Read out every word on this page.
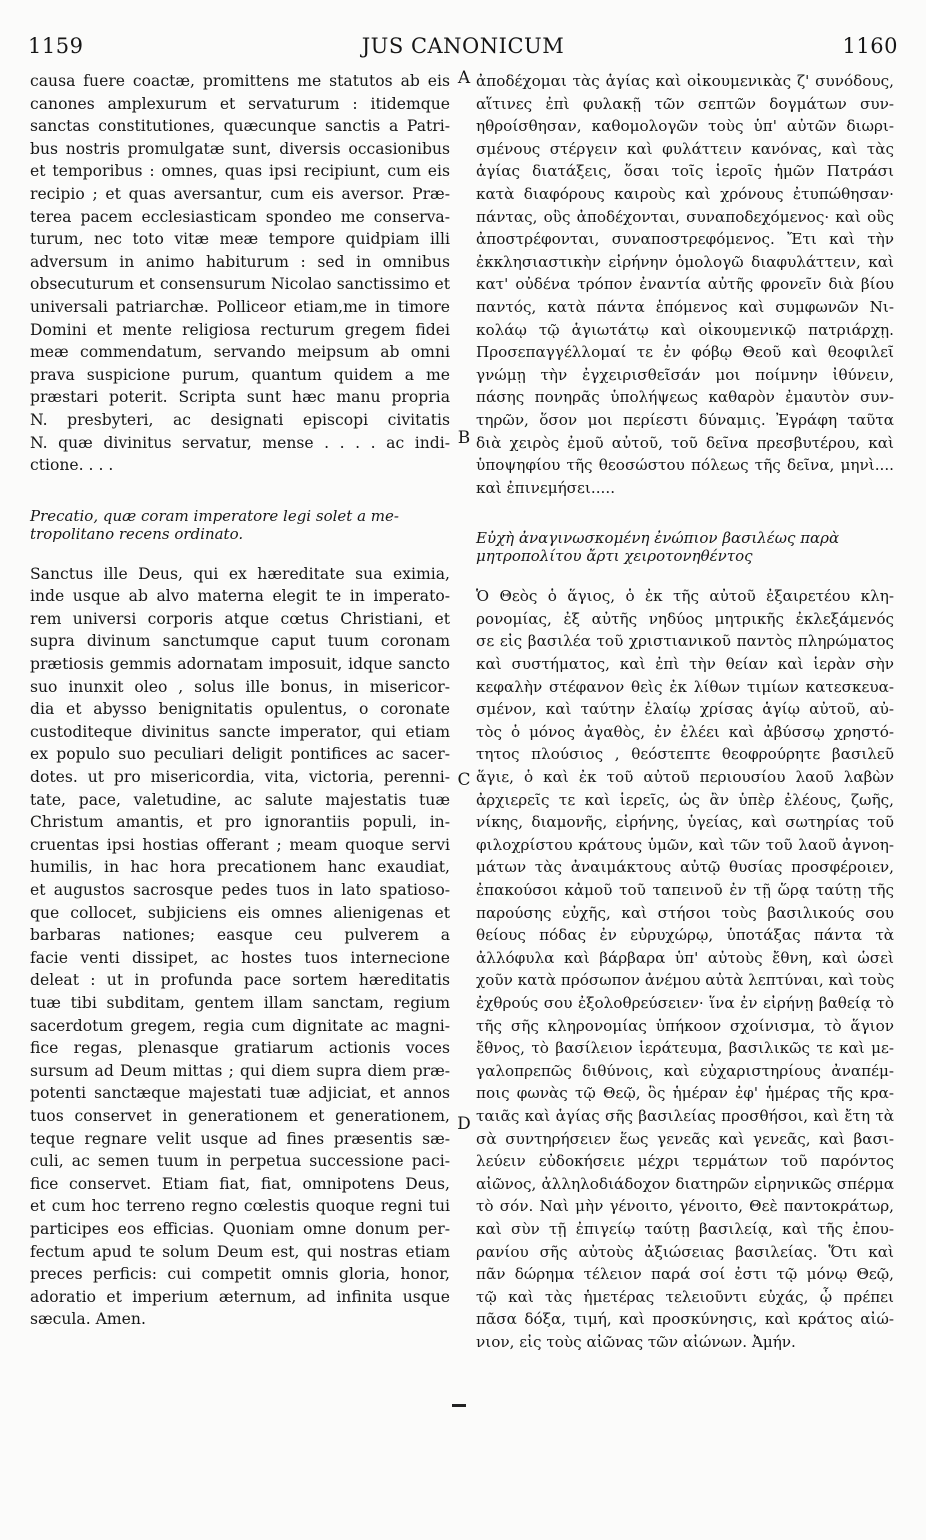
1159	JUS CANONICUM	1160
A
B
C
D
causa fuere coactæ, promittens me statutos ab eis
canones amplexurum et servaturum : itidemque
sanctas constitutiones, quæcunque sanctis a Patri-
bus nostris promulgatæ sunt, diversis occasionibus
et temporibus : omnes, quas ipsi recipiunt, cum eis
recipio ; et quas aversantur, cum eis aversor. Præ-
terea pacem ecclesiasticam spondeo me conserva-
turum, nec toto vitæ meæ tempore quidpiam illi
adversum in animo habiturum : sed in omnibus
obsecuturum et consensurum Nicolao sanctissimo et
universali patriarchæ. Polliceor etiam,me in timore
Domini et mente religiosa recturum gregem fidei
meæ commendatum, servando meipsum ab omni
prava suspicione purum, quantum quidem a me
præstari poterit. Scripta sunt hæc manu propria
N. presbyteri, ac designati episcopi civitatis
N. quæ divinitus servatur, mense . . . . ac indi-
ctione. . . .
Precatio, quæ coram imperatore legi solet a me-
tropolitano recens ordinato.
Sanctus ille Deus, qui ex hæreditate sua eximia,
inde usque ab alvo materna elegit te in imperato-
rem universi corporis atque cœtus Christiani, et
supra divinum sanctumque caput tuum coronam
prætiosis gemmis adornatam imposuit, idque sancto
suo inunxit oleo , solus ille bonus, in misericor-
dia et abysso benignitatis opulentus, o coronate
custoditeque divinitus sancte imperator, qui etiam
ex populo suo peculiari deligit pontifices ac sacer-
dotes. ut pro misericordia, vita, victoria, perenni-
tate, pace, valetudine, ac salute majestatis tuæ
Christum amantis, et pro ignorantiis populi, in-
cruentas ipsi hostias offerant ; meam quoque servi
humilis, in hac hora precationem hanc exaudiat,
et augustos sacrosque pedes tuos in lato spatioso-
que collocet, subjiciens eis omnes alienigenas et
barbaras nationes; easque ceu pulverem a
facie venti dissipet, ac hostes tuos internecione
deleat : ut in profunda pace sortem hæreditatis
tuæ tibi subditam, gentem illam sanctam, regium
sacerdotum gregem, regia cum dignitate ac magni-
fice regas, plenasque gratiarum actionis voces
sursum ad Deum mittas ; qui diem supra diem præ-
potenti sanctæque majestati tuæ adjiciat, et annos
tuos conservet in generationem et generationem,
teque regnare velit usque ad fines præsentis sæ-
culi, ac semen tuum in perpetua successione paci-
fice conservet. Etiam fiat, fiat, omnipotens Deus,
et cum hoc terreno regno cœlestis quoque regni tui
participes eos efficias. Quoniam omne donum per-
fectum apud te solum Deum est, qui nostras etiam
preces perficis: cui competit omnis gloria, honor,
adoratio et imperium æternum, ad infinita usque
sæcula. Amen.
ἀποδέχομαι τὰς ἁγίας καὶ οἰκουμενικὰς ζ' συνόδους,
αἵτινες ἐπὶ φυλακῇ τῶν σεπτῶν δογμάτων συν-
ηθροίσθησαν, καθομολογῶν τοὺς ὑπ' αὐτῶν διωρι-
σμένους στέργειν καὶ φυλάττειν κανόνας, καὶ τὰς
ἁγίας διατάξεις, ὅσαι τοῖς ἱεροῖς ἡμῶν Πατράσι
κατὰ διαφόρους καιροὺς καὶ χρόνους ἐτυπώθησαν·
πάντας, οὓς ἀποδέχονται, συναποδεχόμενος· καὶ οὓς
ἀποστρέφονται, συναποστρεφόμενος. Ἔτι καὶ τὴν
ἐκκλησιαστικὴν εἰρήνην ὁμολογῶ διαφυλάττειν, καὶ
κατ' οὐδένα τρόπον ἐναντία αὐτῆς φρονεῖν διὰ βίου
παντός, κατὰ πάντα ἑπόμενος καὶ συμφωνῶν Νι-
κολάῳ τῷ ἁγιωτάτῳ καὶ οἰκουμενικῷ πατριάρχῃ.
Προσεπαγγέλλομαί τε ἐν φόβῳ Θεοῦ καὶ θεοφιλεῖ
γνώμῃ τὴν ἐγχειρισθεῖσάν μοι ποίμνην ἰθύνειν,
πάσης πονηρᾶς ὑπολήψεως καθαρὸν ἐμαυτὸν συν-
τηρῶν, ὅσον μοι περίεστι δύναμις. Ἐγράφη ταῦτα
διὰ χειρὸς ἐμοῦ αὐτοῦ, τοῦ δεῖνα πρεσβυτέρου, καὶ
ὑποψηφίου τῆς θεοσώστου πόλεως τῆς δεῖνα, μηνὶ....
καὶ ἐπινεμήσει.....
Εὐχὴ ἀναγινωσκομένη ἐνώπιον βασιλέως παρὰ
μητροπολίτου ἄρτι χειροτονηθέντος
Ὁ Θεὸς ὁ ἅγιος, ὁ ἐκ τῆς αὐτοῦ ἐξαιρετέου κλη-
ρονομίας, ἐξ αὐτῆς νηδύος μητρικῆς ἐκλεξάμενός
σε εἰς βασιλέα τοῦ χριστιανικοῦ παντὸς πληρώματος
καὶ συστήματος, καὶ ἐπὶ τὴν θείαν καὶ ἱερὰν σὴν
κεφαλὴν στέφανον θεὶς ἐκ λίθων τιμίων κατεσκευα-
σμένον, καὶ ταύτην ἐλαίῳ χρίσας ἁγίῳ αὐτοῦ, αὐ-
τὸς ὁ μόνος ἀγαθὸς, ἐν ἐλέει καὶ ἀβύσσῳ χρηστό-
τητος πλούσιος , θεόστεπτε θεοφρούρητε βασιλεῦ
ἅγιε, ὁ καὶ ἐκ τοῦ αὐτοῦ περιουσίου λαοῦ λαβὼν
ἀρχιερεῖς τε καὶ ἱερεῖς, ὡς ἂν ὑπὲρ ἐλέους, ζωῆς,
νίκης, διαμονῆς, εἰρήνης, ὑγείας, καὶ σωτηρίας τοῦ
φιλοχρίστου κράτους ὑμῶν, καὶ τῶν τοῦ λαοῦ ἀγνοη-
μάτων τὰς ἀναιμάκτους αὐτῷ θυσίας προσφέροιεν,
ἐπακούσοι κἀμοῦ τοῦ ταπεινοῦ ἐν τῇ ὥρᾳ ταύτῃ τῆς
παρούσης εὐχῆς, καὶ στήσοι τοὺς βασιλικούς σου
θείους πόδας ἐν εὐρυχώρῳ, ὑποτάξας πάντα τὰ
ἀλλόφυλα καὶ βάρβαρα ὑπ' αὐτοὺς ἔθνη, καὶ ὡσεὶ
χοῦν κατὰ πρόσωπον ἀνέμου αὐτὰ λεπτύναι, καὶ τοὺς
ἐχθρούς σου ἐξολοθρεύσειεν· ἵνα ἐν εἰρήνῃ βαθείᾳ τὸ
τῆς σῆς κληρονομίας ὑπήκοον σχοίνισμα, τὸ ἅγιον
ἔθνος, τὸ βασίλειον ἱεράτευμα, βασιλικῶς τε καὶ με-
γαλοπρεπῶς διθύνοις, καὶ εὐχαριστηρίους ἀναπέμ-
ποις φωνὰς τῷ Θεῷ, ὃς ἡμέραν ἐφ' ἡμέρας τῆς κρα-
ταιᾶς καὶ ἁγίας σῆς βασιλείας προσθήσοι, καὶ ἔτη τὰ
σὰ συντηρήσειεν ἕως γενεᾶς καὶ γενεᾶς, καὶ βασι-
λεύειν εὐδοκήσειε μέχρι τερμάτων τοῦ παρόντος
αἰῶνος, ἀλληλοδιάδοχον διατηρῶν εἰρηνικῶς σπέρμα
τὸ σόν. Ναὶ μὴν γένοιτο, γένοιτο, Θεὲ παντοκράτωρ,
καὶ σὺν τῇ ἐπιγείῳ ταύτῃ βασιλείᾳ, καὶ τῆς ἐπου-
ρανίου σῆς αὐτοὺς ἀξιώσειας βασιλείας. Ὅτι καὶ
πᾶν δώρημα τέλειον παρά σοί ἐστι τῷ μόνῳ Θεῷ,
τῷ καὶ τὰς ἡμετέρας τελειοῦντι εὐχάς, ᾧ πρέπει
πᾶσα δόξα, τιμή, καὶ προσκύνησις, καὶ κράτος αἰώ-
νιον, εἰς τοὺς αἰῶνας τῶν αἰώνων. Ἀμήν.
